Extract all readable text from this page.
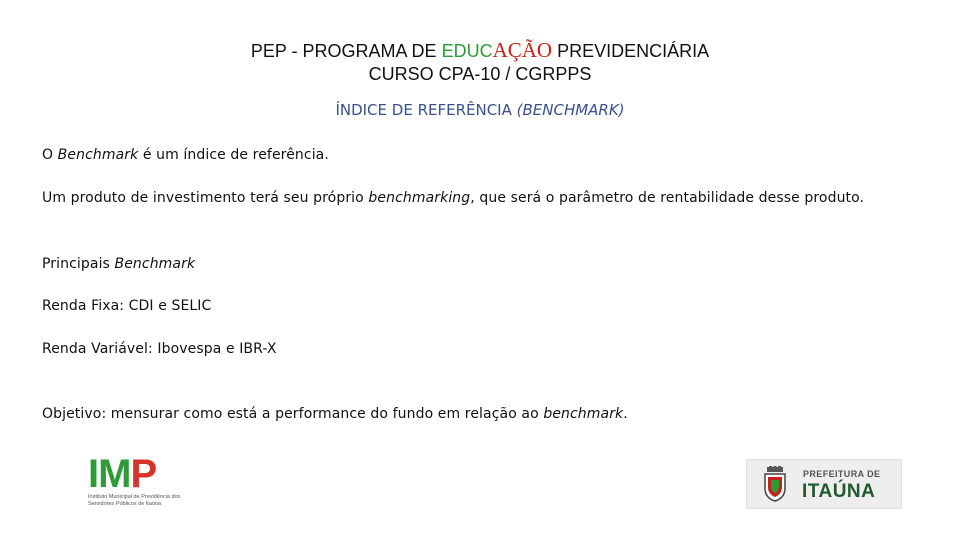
PEP - PROGRAMA DE EDUCAÇÃO PREVIDENCIÁRIA
CURSO CPA-10 / CGRPPS
ÍNDICE DE REFERÊNCIA (BENCHMARK)
O Benchmark é um índice de referência.
Um produto de investimento terá seu próprio benchmarking, que será o parâmetro de rentabilidade desse produto.
Principais Benchmark
Renda Fixa: CDI e SELIC
Renda Variável: Ibovespa e IBR-X
Objetivo: mensurar como está a performance do fundo em relação ao benchmark.
IMP
Instituto Municipal de Previdência dos Servidores Públicos de Itaúna
PREFEITURA DE
ITAÚNA
